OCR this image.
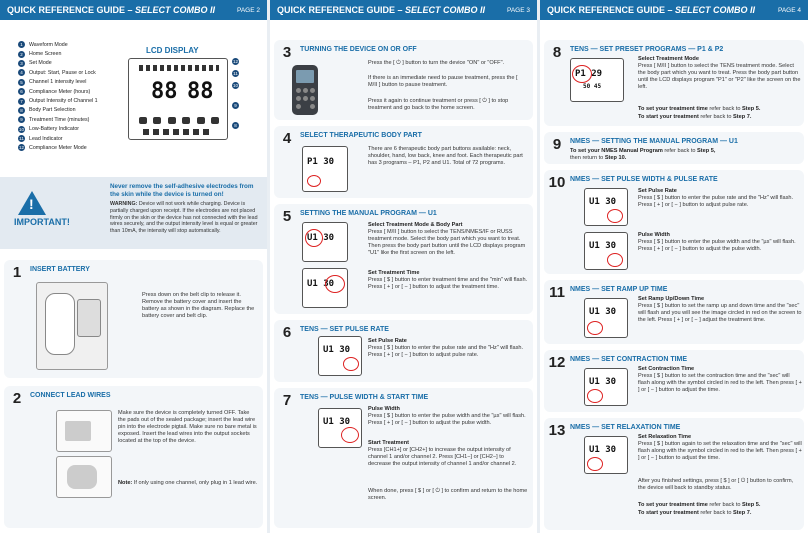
QUICK REFERENCE GUIDE – SELECT COMBO II	PAGE 2
1	Waveform Mode
2	Home Screen
3	Set Mode
4	Output: Start, Pause or Lock
5	Channel 1 intensity level
6	Compliance Meter (hours)
7	Output Intensity of Channel 1
8	Body Part Selection
9	Treatment Time (minutes)
10 Low-Battery Indicator
11 Lead Indicator
12 Compliance Meter Mode
LCD DISPLAY
88 88
12
11
10
9
8
!
IMPORTANT!
Never remove the self-adhesive electrodes from the skin while the device is turned on!
WARNING: Device will not work while charging. Device is partially charged upon receipt. If the electrodes are not placed firmly on the skin or the device has not connected with the lead wires securely, and the output intensity level is equal or greater than 10mA, the intensity will stop automatically.
1	INSERT BATTERY
Press down on the belt clip to release it. Remove the battery cover and insert the battery as shown in the diagram. Replace the battery cover and belt clip.
2	CONNECT LEAD WIRES
Make sure the device is completely turned OFF. Take the pads out of the sealed package; insert the lead wire pin into the electrode pigtail. Make sure no bare metal is exposed. Insert the lead wires into the output sockets located at the top of the device.
Note: If only using one channel, only plug in 1 lead wire.
QUICK REFERENCE GUIDE – SELECT COMBO II	PAGE 3
3	TURNING THE DEVICE ON OR OFF
Press the [ ⏻ ] button to turn the device "ON" or "OFF".
If there is an immediate need to pause treatment, press the [ M/II ] button to pause treatment.
Press it again to continue treatment or press [ ⏻ ] to stop treatment and go back to the home screen.
4	SELECT THERAPEUTIC BODY PART
P1 30
There are 6 therapeutic body part buttons available: neck, shoulder, hand, low back, knee and foot. Each therapeutic part has 3 programs – P1, P2 and U1. Total of 72 programs.
5	SETTING THE MANUAL PROGRAM — U1
U1 30
U1 30
Select Treatment Mode & Body Part
Press [ M/II ] button to select the TENS/NMES/IF or RUSS treatment mode. Select the body part which you want to treat. Then press the body part button until the LCD displays program "U1" like the first screen on the left.
Set Treatment Time
Press [ $ ] button to enter treatment time and the "min" will flash. Press [ + ] or [ − ] button to adjust the treatment time.
6	TENS — SET PULSE RATE
U1 30
Set Pulse Rate
Press [ $ ] button to enter the pulse rate and the "Hz" will flash. Press [ + ] or [ − ] button to adjust pulse rate.
7	TENS — PULSE WIDTH & START TIME
U1 30
Pulse Width
Press [ $ ] button to enter the pulse width and the "µs" will flash. Press [ + ] or [ − ] button to adjust the pulse width.
Start Treatment
Press [CH1+] or [CH2+] to increase the output intensity of channel 1 and/or channel 2. Press [CH1−] or [CH2−] to decrease the output intensity of channel 1 and/or channel 2.
When done, press [ $ ] or [ ⏻ ] to confirm and return to the home screen.
QUICK REFERENCE GUIDE – SELECT COMBO II	PAGE 4
8	TENS — SET PRESET PROGRAMS — P1 & P2
P1 29
50 45
Select Treatment Mode
Press [ M/II ] button to select the TENS treatment mode. Select the body part which you want to treat. Press the body part button until the LCD displays program "P1" or "P2" like the screen on the left.
To set your treatment time refer back to Step 5.
To start your treatment refer back to Step 7.
9	NMES — SETTING THE MANUAL PROGRAM — U1
To set your NMES Manual Program refer back to Step 5,
then return to Step 10.
10 NMES — SET PULSE WIDTH & PULSE RATE
U1 30
U1 30
Set Pulse Rate
Press [ $ ] button to enter the pulse rate and the "Hz" will flash. Press [ + ] or [ − ] button to adjust pulse rate.
Pulse Width
Press [ $ ] button to enter the pulse width and the "µs" will flash. Press [ + ] or [ − ] button to adjust the pulse width.
11 NMES — SET RAMP UP TIME
U1 30
Set Ramp Up/Down Time
Press [ $ ] button to set the ramp up and down time and the "sec" will flash and you will see the image circled in red on the screen to the left. Press [ + ] or [ − ] adjust the treatment time.
12 NMES — SET CONTRACTION TIME
U1 30
Set Contraction Time
Press [ $ ] button to set the contraction time and the "sec" will flash along with the symbol circled in red to the left. Then press [ + ] or [ − ] button to adjust the time.
13 NMES — SET RELAXATION TIME
U1 30
Set Relaxation Time
Press [ $ ] button again to set the relaxation time and the "sec" will flash along with the symbol circled in red to the left. Then press [ + ] or [ − ] button to adjust the time.
After you finished settings, press [ $ ] or [ ⏻ ] button to confirm, the device will back to standby status.
To set your treatment time refer back to Step 5.
To start your treatment refer back to Step 7.
